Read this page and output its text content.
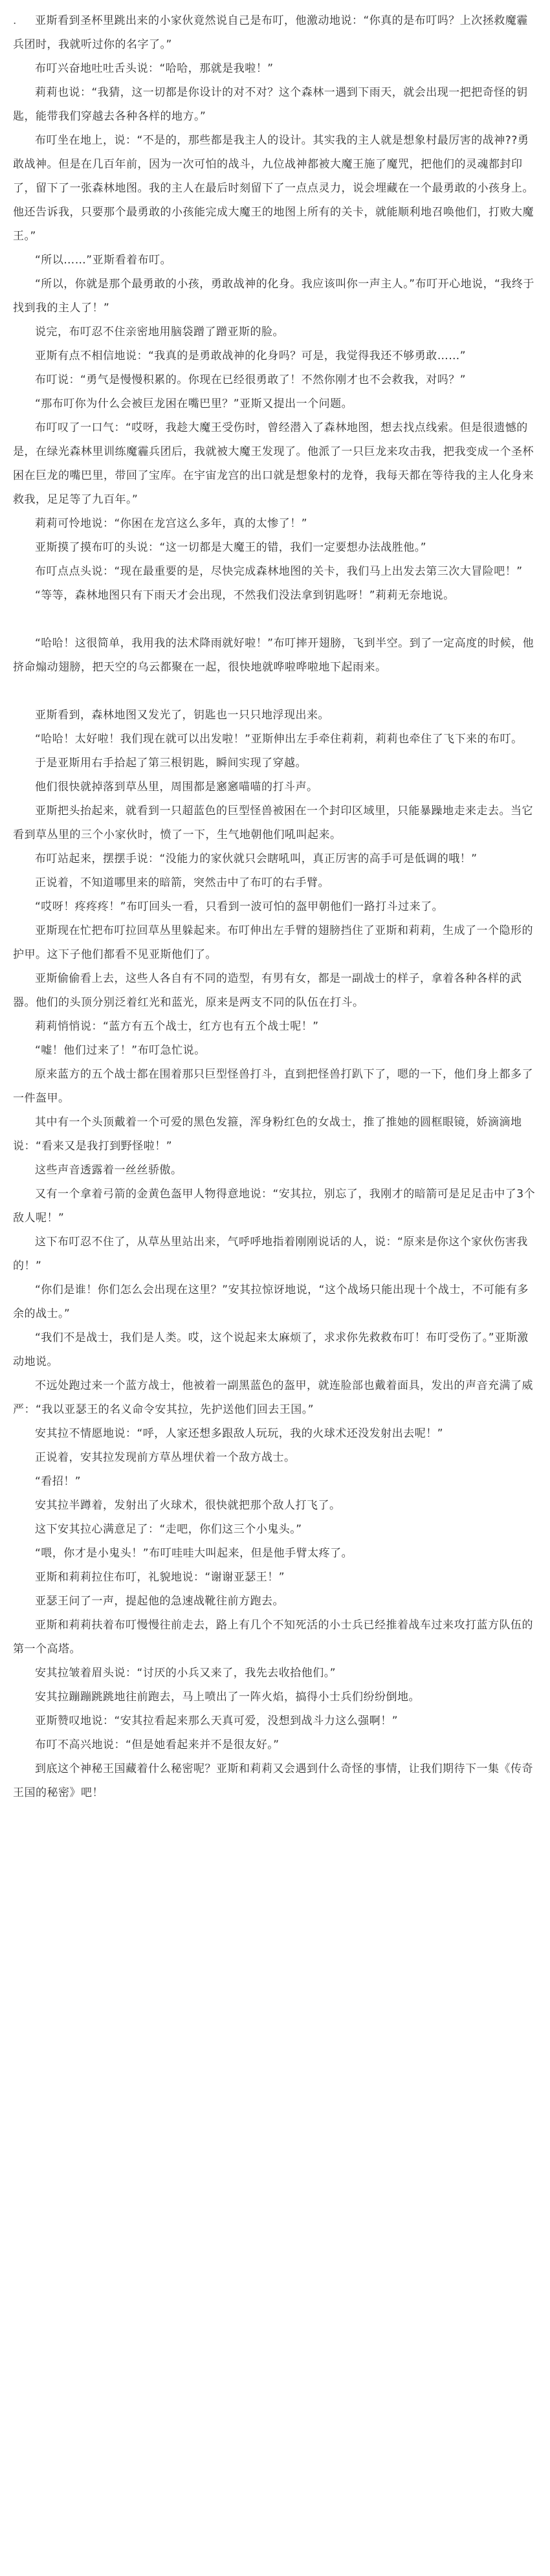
. 亚斯看到圣杯里跳出来的小家伙竟然说自己是布叮，他激动地说：“你真的是布叮吗？上次拯救魔霾兵团时，我就听过你的名字了。”

布叮兴奋地吐吐舌头说：“哈哈，那就是我啦！”

莉莉也说：“我猜，这一切都是你设计的对不对？这个森林一遇到下雨天，就会出现一把把奇怪的钥匙，能带我们穿越去各种各样的地方。”

布叮坐在地上，说：“不是的，那些都是我主人的设计。其实我的主人就是想象村最厉害的战神??勇敢战神。但是在几百年前，因为一次可怕的战斗，九位战神都被大魔王施了魔咒，把他们的灵魂都封印了，留下了一张森林地图。我的主人在最后时刻留下了一点点灵力，说会埋藏在一个最勇敢的小孩身上。他还告诉我，只要那个最勇敢的小孩能完成大魔王的地图上所有的关卡，就能顺利地召唤他们，打败大魔王。”

“所以……”亚斯看着布叮。

“所以，你就是那个最勇敢的小孩，勇敢战神的化身。我应该叫你一声主人。”布叮开心地说，“我终于找到我的主人了！”

说完，布叮忍不住亲密地用脑袋蹭了蹭亚斯的脸。

亚斯有点不相信地说：“我真的是勇敢战神的化身吗？可是，我觉得我还不够勇敢……”

布叮说：“勇气是慢慢积累的。你现在已经很勇敢了！不然你刚才也不会救我，对吗？”

“那布叮你为什么会被巨龙困在嘴巴里？”亚斯又提出一个问题。

布叮叹了一口气：“哎呀，我趁大魔王受伤时，曾经潜入了森林地图，想去找点线索。但是很遗憾的是，在绿光森林里训练魔霾兵团后，我就被大魔王发现了。他派了一只巨龙来攻击我，把我变成一个圣杯困在巨龙的嘴巴里，带回了宝库。在宇宙龙宫的出口就是想象村的龙脊，我每天都在等待我的主人化身来救我，足足等了九百年。”

莉莉可怜地说：“你困在龙宫这么多年，真的太惨了！”

亚斯摸了摸布叮的头说：“这一切都是大魔王的错，我们一定要想办法战胜他。”

布叮点点头说：“现在最重要的是，尽快完成森林地图的关卡，我们马上出发去第三次大冒险吧！”

“等等，森林地图只有下雨天才会出现，不然我们没法拿到钥匙呀！”莉莉无奈地说。

“哈哈！这很简单，我用我的法术降雨就好啦！”布叮摔开翅膀，飞到半空。到了一定高度的时候，他挤命煽动翅膀，把天空的乌云都聚在一起，很快地就哗啦哗啦地下起雨来。

亚斯看到，森林地图又发光了，钥匙也一只只地浮现出来。

“哈哈！太好啦！我们现在就可以出发啦！”亚斯伸出左手牵住莉莉，莉莉也牵住了飞下来的布叮。

于是亚斯用右手拾起了第三根钥匙，瞬间实现了穿越。

他们很快就掉落到草丛里，周围都是窸窸喵喵的打斗声。

亚斯把头抬起来，就看到一只超蓝色的巨型怪兽被困在一个封印区域里，只能暴躁地走来走去。当它看到草丛里的三个小家伙时，愤了一下，生气地朝他们吼叫起来。

布叮站起来，摆摆手说：“没能力的家伙就只会瞎吼叫，真正厉害的高手可是低调的哦！”

正说着，不知道哪里来的暗箭，突然击中了布叮的右手臂。

“哎呀！疼疼疼！”布叮回头一看，只看到一波可怕的盔甲朝他们一路打斗过来了。

亚斯现在忙把布叮拉回草丛里躲起来。布叮伸出左手臂的翅膀挡住了亚斯和莉莉，生成了一个隐形的护甲。这下子他们都看不见亚斯他们了。

亚斯偷偷看上去，这些人各自有不同的造型，有男有女，都是一副战士的样子，拿着各种各样的武器。他们的头顶分别泛着红光和蓝光，原来是两支不同的队伍在打斗。

莉莉悄悄说：“蓝方有五个战士，红方也有五个战士呢！”

“嘘！他们过来了！”布叮急忙说。

原来蓝方的五个战士都在围着那只巨型怪兽打斗，直到把怪兽打趴下了，嗯的一下，他们身上都多了一件盔甲。

其中有一个头顶戴着一个可爱的黑色发箍，浑身粉红色的女战士，推了推她的圆框眼镜，娇滴滴地说：“看来又是我打到野怪啦！”

这些声音透露着一丝丝骄傲。

又有一个拿着弓箭的金黄色盔甲人物得意地说：“安其拉，别忘了，我刚才的暗箭可是足足击中了3个敌人呢！”

这下布叮忍不住了，从草丛里站出来，气呼呼地指着刚刚说话的人，说：“原来是你这个家伙伤害我的！”

“你们是谁！你们怎么会出现在这里？”安其拉惊讶地说，“这个战场只能出现十个战士，不可能有多余的战士。”

“我们不是战士，我们是人类。哎，这个说起来太麻烦了，求求你先救救布叮！布叮受伤了。”亚斯激动地说。

不远处跑过来一个蓝方战士，他被着一副黑蓝色的盔甲，就连脸部也戴着面具，发出的声音充满了威严：“我以亚瑟王的名义命令安其拉，先护送他们回去王国。”

安其拉不情愿地说：“呼，人家还想多跟敌人玩玩，我的火球术还没发射出去呢！”

正说着，安其拉发现前方草丛埋伏着一个敌方战士。

“看招！”

安其拉半蹲着，发射出了火球术，很快就把那个敌人打飞了。

这下安其拉心满意足了：“走吧，你们这三个小鬼头。”

“喂，你才是小鬼头！”布叮哇哇大叫起来，但是他手臂太疼了。

亚斯和莉莉拉住布叮，礼貌地说：“谢谢亚瑟王！”

亚瑟王问了一声，提起他的急速战靴往前方跑去。

亚斯和莉莉扶着布叮慢慢往前走去，路上有几个不知死活的小士兵已经推着战车过来攻打蓝方队伍的第一个高塔。

安其拉皱着眉头说：“讨厌的小兵又来了，我先去收拾他们。”

安其拉蹦蹦跳跳地往前跑去，马上喷出了一阵火焰，搞得小士兵们纷纷倒地。

亚斯赞叹地说：“安其拉看起来那么天真可爱，没想到战斗力这么强啊！”

布叮不高兴地说：“但是她看起来并不是很友好。”

到底这个神秘王国藏着什么秘密呢？亚斯和莉莉又会遇到什么奇怪的事情，让我们期待下一集《传奇王国的秘密》吧！
